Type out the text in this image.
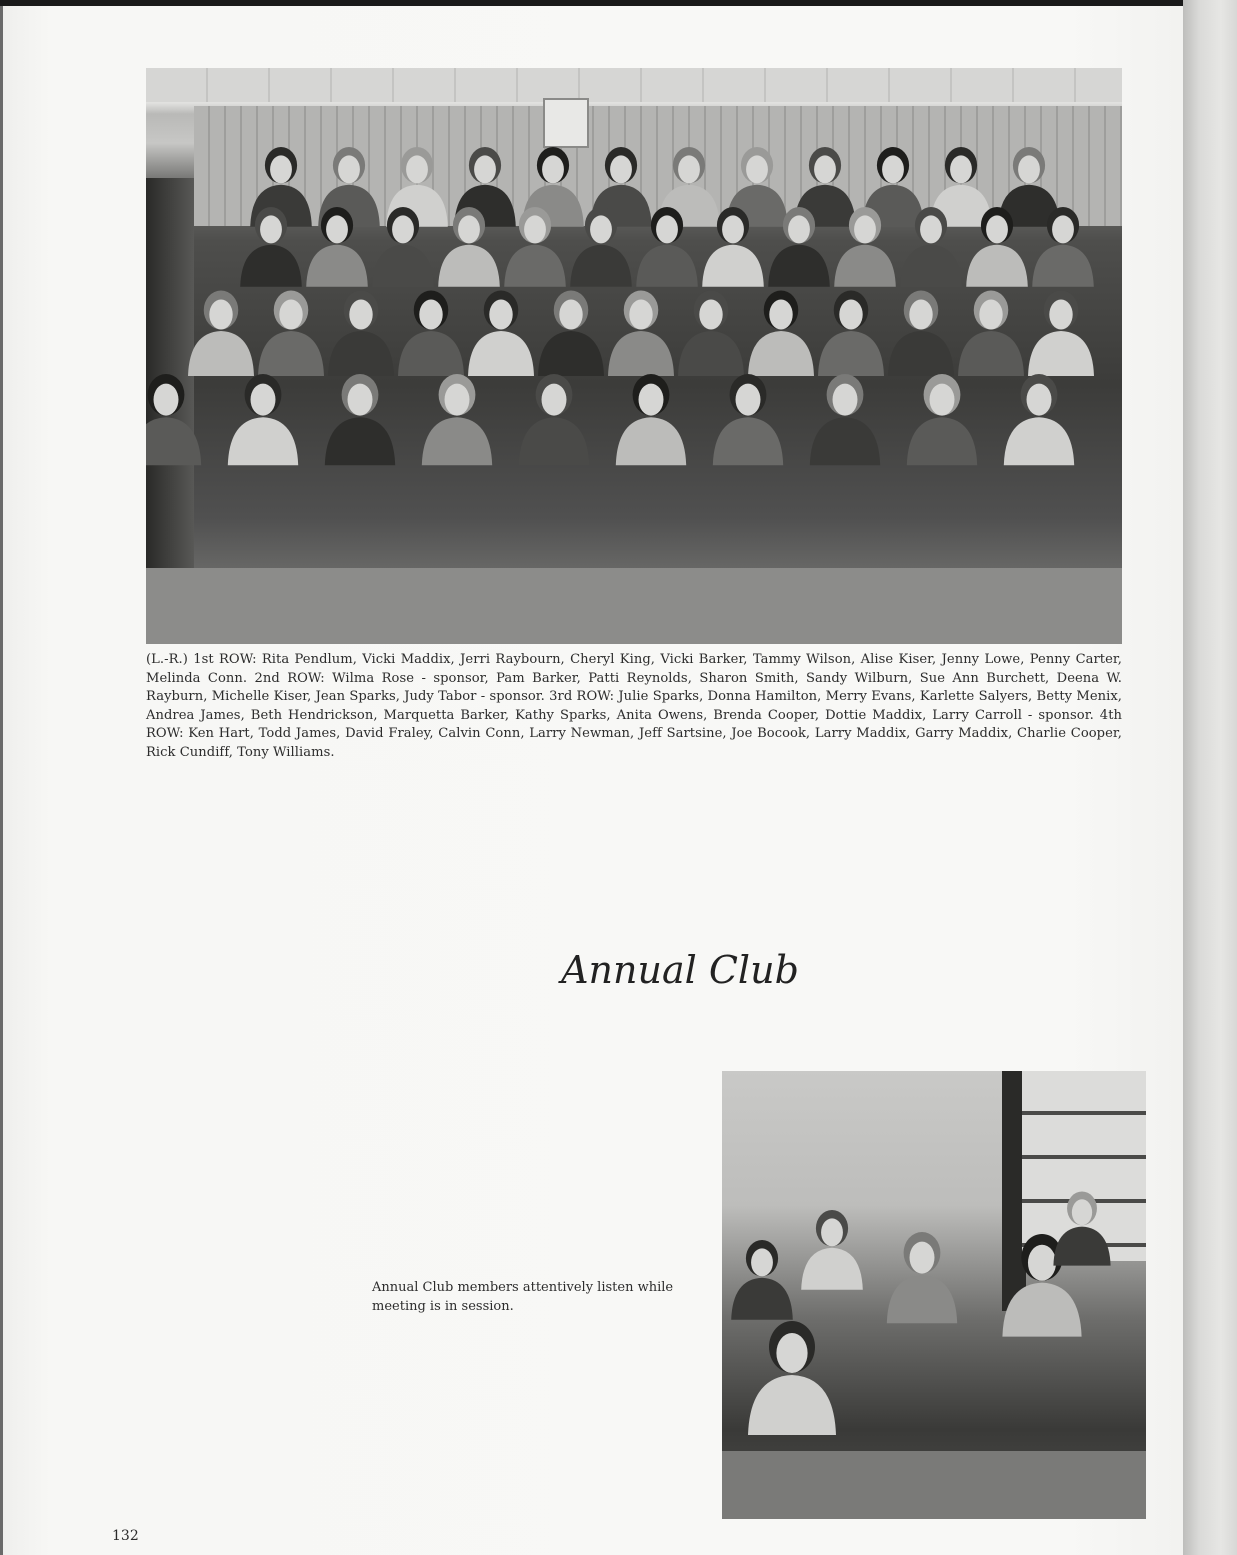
(L.-R.) 1st ROW: Rita Pendlum, Vicki Maddix, Jerri Raybourn, Cheryl King, Vicki Barker, Tammy Wilson, Alise Kiser, Jenny Lowe, Penny Carter, Melinda Conn. 2nd ROW: Wilma Rose - sponsor, Pam Barker, Patti Reynolds, Sharon Smith, Sandy Wilburn, Sue Ann Burchett, Deena W. Rayburn, Michelle Kiser, Jean Sparks, Judy Tabor - sponsor. 3rd ROW: Julie Sparks, Donna Hamilton, Merry Evans, Karlette Salyers, Betty Menix, Andrea James, Beth Hendrickson, Marquetta Barker, Kathy Sparks, Anita Owens, Brenda Cooper, Dottie Maddix, Larry Carroll - sponsor. 4th ROW: Ken Hart, Todd James, David Fraley, Calvin Conn, Larry Newman, Jeff Sartsine, Joe Bocook, Larry Maddix, Garry Maddix, Charlie Cooper, Rick Cundiff, Tony Williams.
Annual Club
Annual Club members attentively listen while meeting is in session.
132
